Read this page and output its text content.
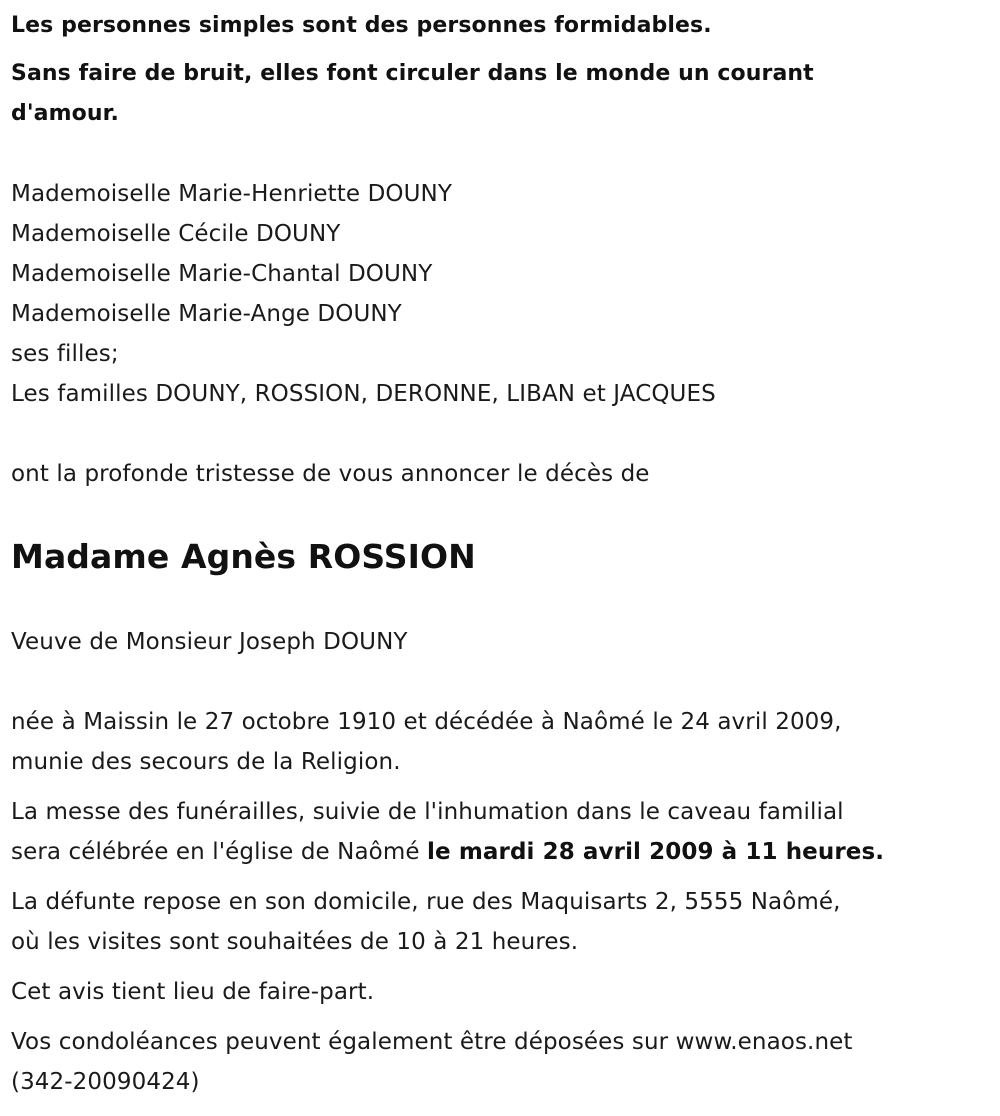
Les personnes simples sont des personnes formidables.
Sans faire de bruit, elles font circuler dans le monde un courant
d'amour.
Mademoiselle Marie-Henriette DOUNY
Mademoiselle Cécile DOUNY
Mademoiselle Marie-Chantal DOUNY
Mademoiselle Marie-Ange DOUNY
ses filles;
Les familles DOUNY, ROSSION, DERONNE, LIBAN et JACQUES
ont la profonde tristesse de vous annoncer le décès de
Madame Agnès ROSSION
Veuve de Monsieur Joseph DOUNY
née à Maissin le 27 octobre 1910 et décédée à Naômé le 24 avril 2009,
munie des secours de la Religion.
La messe des funérailles, suivie de l'inhumation dans le caveau familial
sera célébrée en l'église de Naômé le mardi 28 avril 2009 à 11 heures.
La défunte repose en son domicile, rue des Maquisarts 2, 5555 Naômé,
où les visites sont souhaitées de 10 à 21 heures.
Cet avis tient lieu de faire-part.
Vos condoléances peuvent également être déposées sur www.enaos.net
(342-20090424)
